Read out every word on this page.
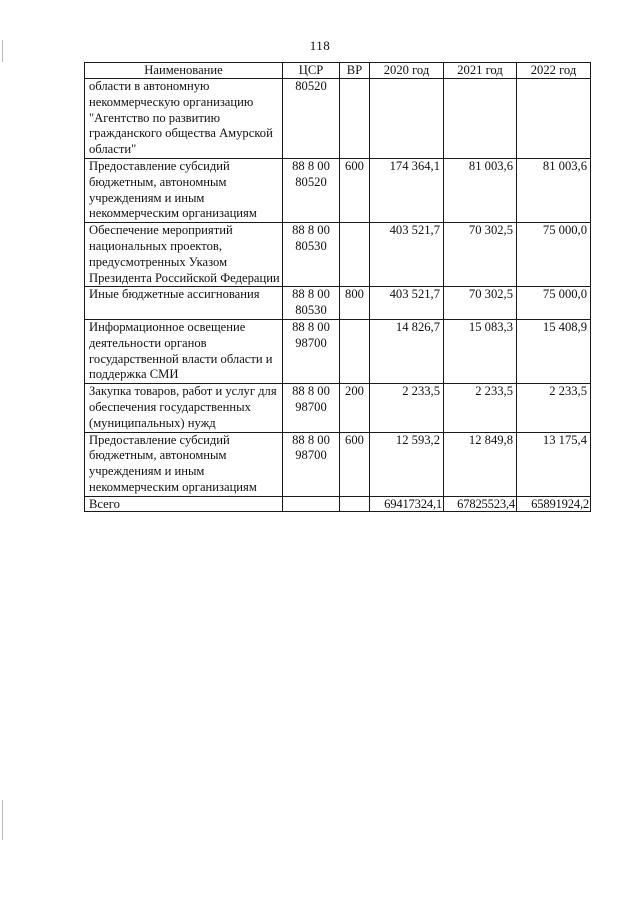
118
Наименование	ЦСР	ВР	2020 год	2021 год	2022 год
области в автономную некоммерческую организацию "Агентство по развитию гражданского общества Амурской области"	80520				
Предоставление субсидий бюджетным, автономным учреждениям и иным некоммерческим организациям	88 8 00 80520	600	174 364,1	81 003,6	81 003,6
Обеспечение мероприятий национальных проектов, предусмотренных Указом Президента Российской Федерации	88 8 00 80530		403 521,7	70 302,5	75 000,0
Иные бюджетные ассигнования	88 8 00 80530	800	403 521,7	70 302,5	75 000,0
Информационное освещение деятельности органов государственной власти области и поддержка СМИ	88 8 00 98700		14 826,7	15 083,3	15 408,9
Закупка товаров, работ и услуг для обеспечения государственных (муниципальных) нужд	88 8 00 98700	200	2 233,5	2 233,5	2 233,5
Предоставление субсидий бюджетным, автономным учреждениям и иным некоммерческим организациям	88 8 00 98700	600	12 593,2	12 849,8	13 175,4
Всего			69417324,1	67825523,4	65891924,2
